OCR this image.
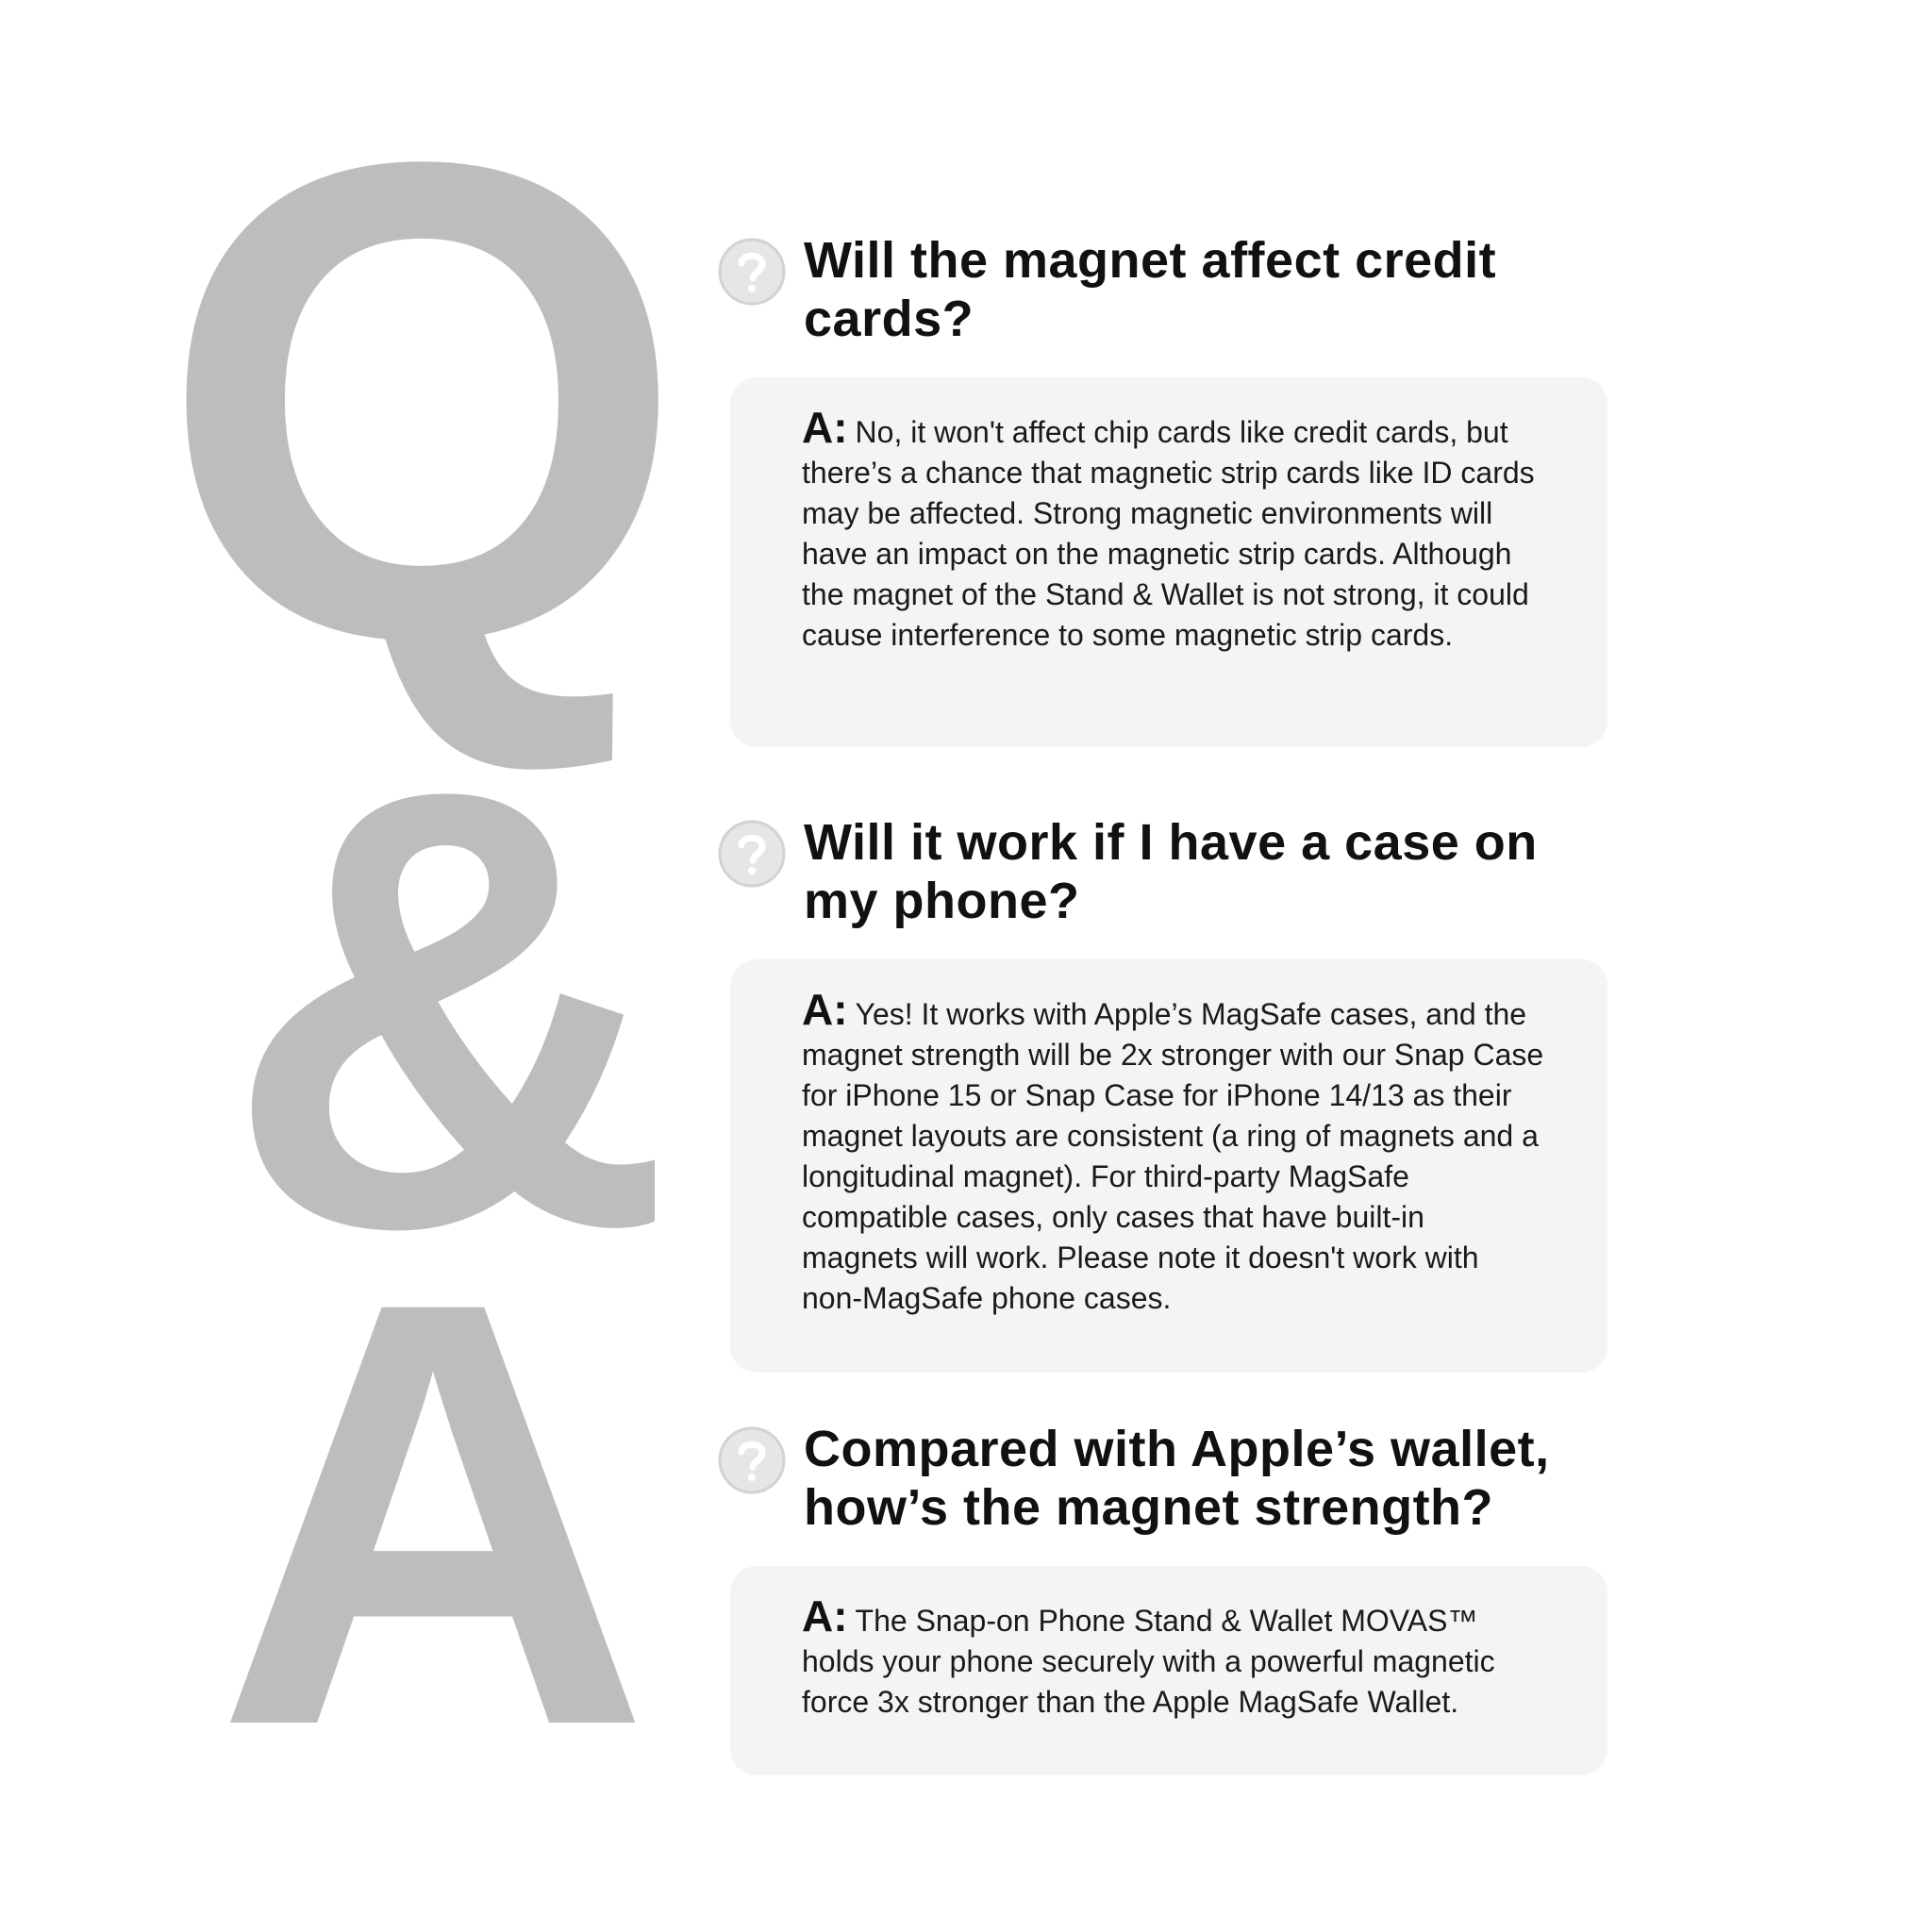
Q

&

A

Will the magnet affect credit cards?

A: No, it won't affect chip cards like credit cards, but there’s a chance that magnetic strip cards like ID cards may be affected. Strong magnetic environments will have an impact on the magnetic strip cards. Although the magnet of the Stand & Wallet is not strong, it could cause interference to some magnetic strip cards.

Will it work if I have a case on my phone?

A: Yes! It works with Apple’s MagSafe cases, and the magnet strength will be 2x stronger with our Snap Case for iPhone 15 or Snap Case for iPhone 14/13 as their magnet layouts are consistent (a ring of magnets and a longitudinal magnet). For third-party MagSafe compatible cases, only cases that have built-in magnets will work. Please note it doesn't work with non-MagSafe phone cases.

Compared with Apple’s wallet, how’s the magnet strength?

A: The Snap-on Phone Stand & Wallet MOVAS™ holds your phone securely with a powerful magnetic force 3x stronger than the Apple MagSafe Wallet.
